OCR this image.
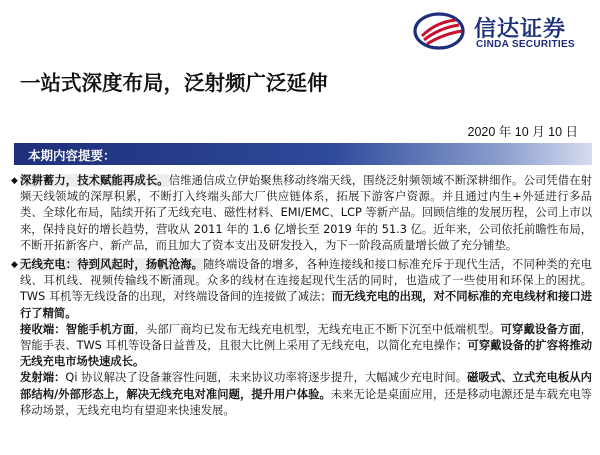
信达证券
CINDA SECURITIES
一站式深度布局，泛射频广泛延伸
2020 年 10 月 10 日
本期内容提要：
◆ 深耕蓄力，技术赋能再成长。信维通信成立伊始聚焦移动终端天线，围绕泛射频领域不断深耕细作。公司凭借在射频天线领域的深厚积累，不断打入终端头部大厂供应链体系，拓展下游客户资源。并且通过内生+外延进行多品类、全球化布局，陆续开拓了无线充电、磁性材料、EMI/EMC、LCP 等新产品。回顾信维的发展历程，公司上市以来，保持良好的增长趋势，营收从 2011 年的 1.6 亿增长至 2019 年的 51.3 亿。近年来，公司依托前瞻性布局，不断开拓新客户、新产品，而且加大了资本支出及研发投入，为下一阶段高质量增长做了充分铺垫。
◆ 无线充电：待到风起时，扬帆沧海。随终端设备的增多，各种连接线和接口标准充斥于现代生活，不同种类的充电线、耳机线、视频传输线不断涌现。众多的线材在连接起现代生活的同时，也造成了一些使用和环保上的困扰。TWS 耳机等无线设备的出现，对终端设备间的连接做了减法；而无线充电的出现，对不同标准的充电线材和接口进行了精简。
接收端：智能手机方面，头部厂商均已发布无线充电机型，无线充电正不断下沉至中低端机型。可穿戴设备方面，智能手表、TWS 耳机等设备日益普及，且很大比例上采用了无线充电，以简化充电操作；可穿戴设备的扩容将推动无线充电市场快速成长。
发射端：Qi 协议解决了设备兼容性问题，未来协议功率将逐步提升，大幅减少充电时间。磁吸式、立式充电板从内部结构/外部形态上，解决无线充电对准问题，提升用户体验。未来无论是桌面应用，还是移动电源还是车载充电等移动场景，无线充电均有望迎来快速发展。
